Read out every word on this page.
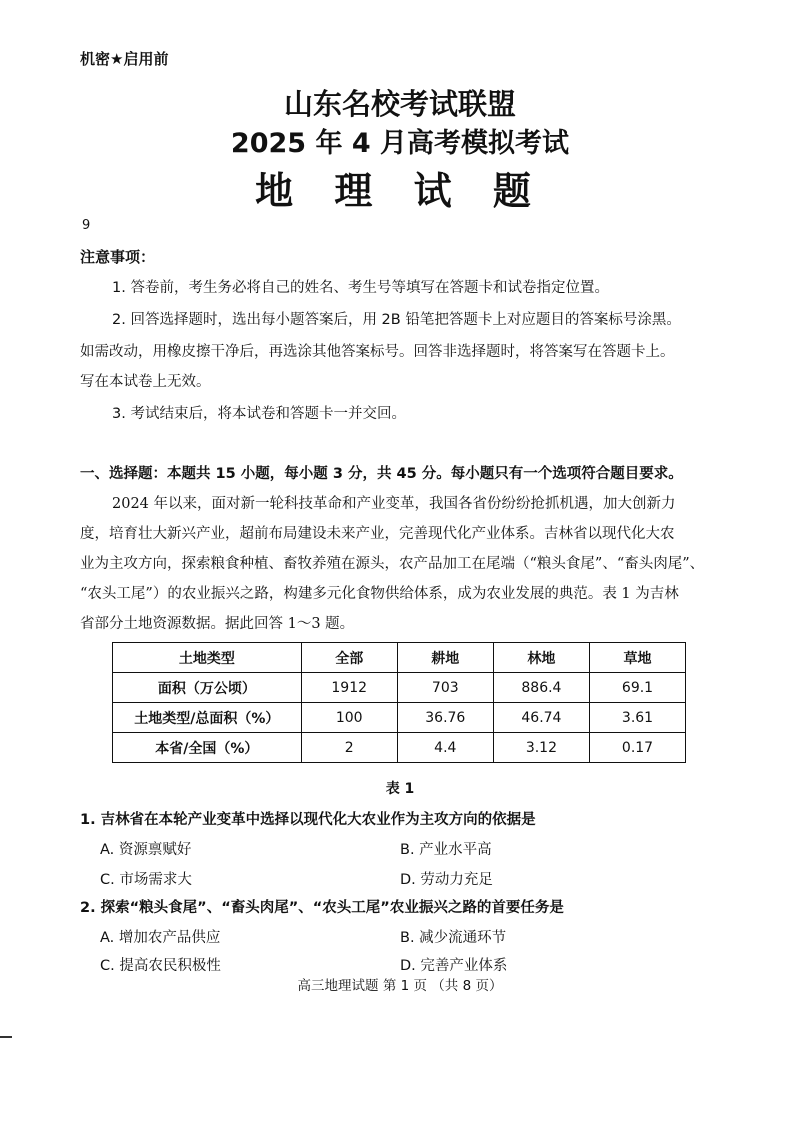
机密★启用前
山东名校考试联盟
2025 年 4 月高考模拟考试
地 理 试 题
9
注意事项：
1. 答卷前，考生务必将自己的姓名、考生号等填写在答题卡和试卷指定位置。
2. 回答选择题时，选出每小题答案后，用 2B 铅笔把答题卡上对应题目的答案标号涂黑。
如需改动，用橡皮擦干净后，再选涂其他答案标号。回答非选择题时，将答案写在答题卡上。
写在本试卷上无效。
3. 考试结束后，将本试卷和答题卡一并交回。
一、选择题：本题共 15 小题，每小题 3 分，共 45 分。每小题只有一个选项符合题目要求。
2024 年以来，面对新一轮科技革命和产业变革，我国各省份纷纷抢抓机遇，加大创新力
度，培育壮大新兴产业，超前布局建设未来产业，完善现代化产业体系。吉林省以现代化大农
业为主攻方向，探索粮食种植、畜牧养殖在源头，农产品加工在尾端（“粮头食尾”、“畜头肉尾”、
“农头工尾”）的农业振兴之路，构建多元化食物供给体系，成为农业发展的典范。表 1 为吉林
省部分土地资源数据。据此回答 1～3 题。
土地类型	全部	耕地	林地	草地
面积（万公顷）	1912	703	886.4	69.1
土地类型/总面积（%）	100	36.76	46.74	3.61
本省/全国（%）	2	4.4	3.12	0.17
表 1
1. 吉林省在本轮产业变革中选择以现代化大农业作为主攻方向的依据是
A. 资源禀赋好	B. 产业水平高
C. 市场需求大	D. 劳动力充足
2. 探索“粮头食尾”、“畜头肉尾”、“农头工尾”农业振兴之路的首要任务是
A. 增加农产品供应	B. 减少流通环节
C. 提高农民积极性	D. 完善产业体系
高三地理试题 第 1 页 （共 8 页）
